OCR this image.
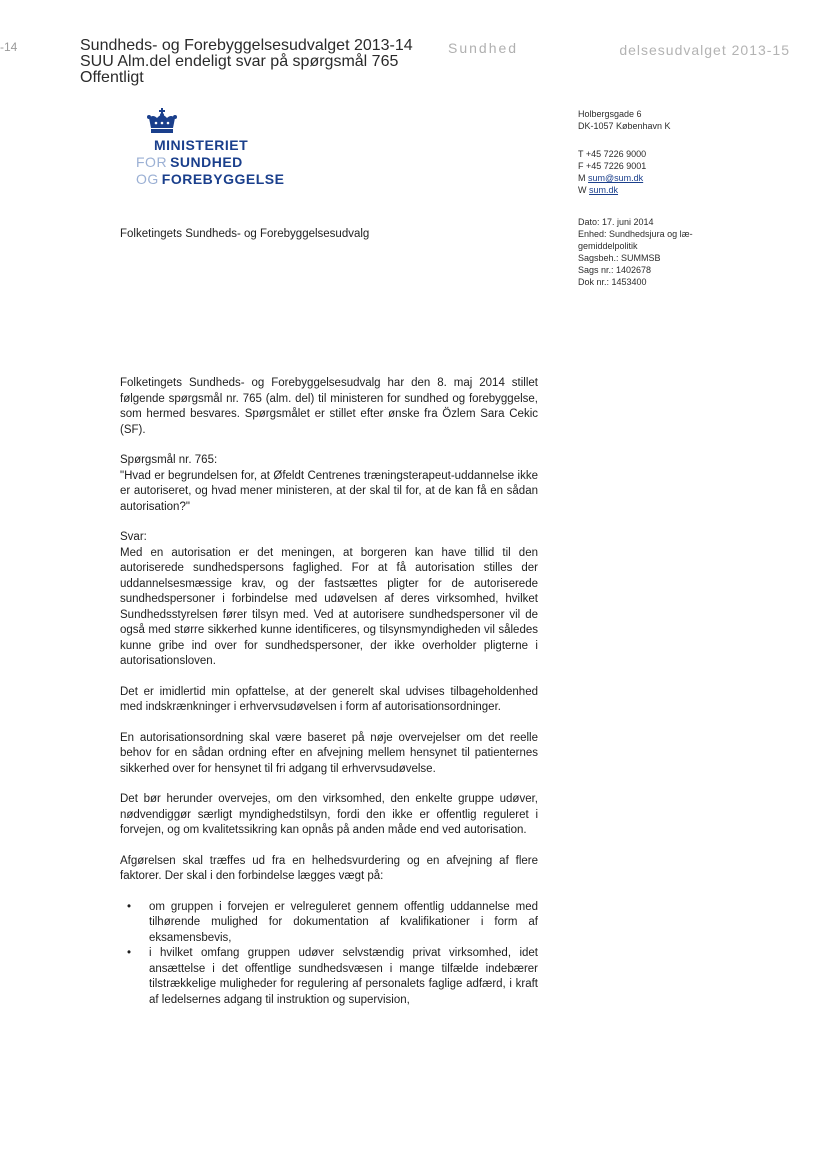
-14	Sundheds- og Forebyggelsesudvalget 2013-14
SUU Alm.del endeligt svar på spørgsmål 765
Offentligt
Sundhed	delsesudvalget 2013-15
MINISTERIET
FOR SUNDHED
OG FOREBYGGELSE
Holbergsgade 6
DK-1057 København K
T +45 7226 9000
F +45 7226 9001
M sum@sum.dk
W sum.dk
Dato: 17. juni 2014
Enhed: Sundhedsjura og læ-
gemiddelpolitik
Sagsbeh.: SUMMSB
Sags nr.: 1402678
Dok nr.: 1453400
Folketingets Sundheds- og Forebyggelsesudvalg

Folketingets Sundheds- og Forebyggelsesudvalg har den 8. maj 2014 stillet følgende spørgsmål nr. 765 (alm. del) til ministeren for sundhed og forebyggelse, som hermed besvares. Spørgsmålet er stillet efter ønske fra Özlem Sara Cekic (SF).

Spørgsmål nr. 765:

"Hvad er begrundelsen for, at Øfeldt Centrenes træningsterapeut-uddannelse ikke er autoriseret, og hvad mener ministeren, at der skal til for, at de kan få en sådan autorisation?"

Svar:

Med en autorisation er det meningen, at borgeren kan have tillid til den autoriserede sundhedspersons faglighed. For at få autorisation stilles der uddannelsesmæssige krav, og der fastsættes pligter for de autoriserede sundhedspersoner i forbindelse med udøvelsen af deres virksomhed, hvilket Sundhedsstyrelsen fører tilsyn med. Ved at autorisere sundhedspersoner vil de også med større sikkerhed kunne identificeres, og tilsynsmyndigheden vil således kunne gribe ind over for sundhedspersoner, der ikke overholder pligterne i autorisationsloven.

Det er imidlertid min opfattelse, at der generelt skal udvises tilbageholdenhed med indskrænkninger i erhvervsudøvelsen i form af autorisationsordninger.

En autorisationsordning skal være baseret på nøje overvejelser om det reelle behov for en sådan ordning efter en afvejning mellem hensynet til patienternes sikkerhed over for hensynet til fri adgang til erhvervsudøvelse.

Det bør herunder overvejes, om den virksomhed, den enkelte gruppe udøver, nødvendiggør særligt myndighedstilsyn, fordi den ikke er offentlig reguleret i forvejen, og om kvalitetssikring kan opnås på anden måde end ved autorisation.

Afgørelsen skal træffes ud fra en helhedsvurdering og en afvejning af flere faktorer. Der skal i den forbindelse lægges vægt på:

• om gruppen i forvejen er velreguleret gennem offentlig uddannelse med tilhørende mulighed for dokumentation af kvalifikationer i form af eksamensbevis,
• i hvilket omfang gruppen udøver selvstændig privat virksomhed, idet ansættelse i det offentlige sundhedsvæsen i mange tilfælde indebærer tilstrækkelige muligheder for regulering af personalets faglige adfærd, i kraft af ledelsernes adgang til instruktion og supervision,
